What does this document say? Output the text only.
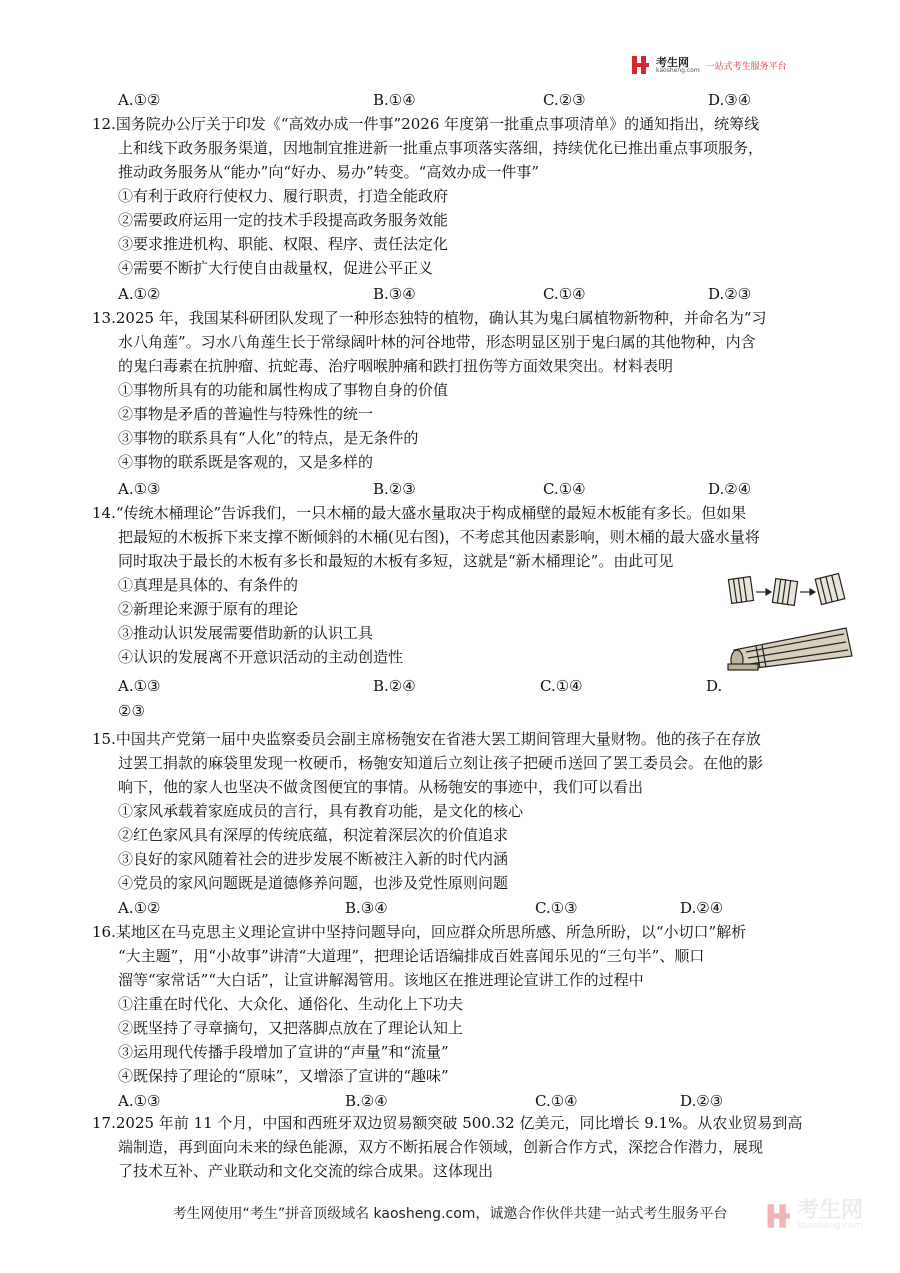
考生网
kaosheng.com 一站式考生服务平台
A.①②	B.①④	C.②③	D.③④
12.国务院办公厅关于印发《“高效办成一件事”2026 年度第一批重点事项清单》的通知指出，统筹线
上和线下政务服务渠道，因地制宜推进新一批重点事项落实落细，持续优化已推出重点事项服务，
推动政务服务从“能办”向“好办、易办”转变。“高效办成一件事”
①有利于政府行使权力、履行职责，打造全能政府
②需要政府运用一定的技术手段提高政务服务效能
③要求推进机构、职能、权限、程序、责任法定化
④需要不断扩大行使自由裁量权，促进公平正义
A.①②	B.③④	C.①④	D.②③
13.2025 年，我国某科研团队发现了一种形态独特的植物，确认其为鬼臼属植物新物种，并命名为“习
水八角莲”。习水八角莲生长于常绿阔叶林的河谷地带，形态明显区别于鬼臼属的其他物种，内含
的鬼臼毒素在抗肿瘤、抗蛇毒、治疗咽喉肿痛和跌打扭伤等方面效果突出。材料表明
①事物所具有的功能和属性构成了事物自身的价值
②事物是矛盾的普遍性与特殊性的统一
③事物的联系具有“人化”的特点，是无条件的
④事物的联系既是客观的，又是多样的
A.①③	B.②③	C.①④	D.②④
14.“传统木桶理论”告诉我们，一只木桶的最大盛水量取决于构成桶壁的最短木板能有多长。但如果
把最短的木板拆下来支撑不断倾斜的木桶(见右图)，不考虑其他因素影响，则木桶的最大盛水量将
同时取决于最长的木板有多长和最短的木板有多短，这就是“新木桶理论”。由此可见
①真理是具体的、有条件的
②新理论来源于原有的理论
③推动认识发展需要借助新的认识工具
④认识的发展离不开意识活动的主动创造性
A.①③	B.②④	C.①④	D.
②③
15.中国共产党第一届中央监察委员会副主席杨匏安在省港大罢工期间管理大量财物。他的孩子在存放
过罢工捐款的麻袋里发现一枚硬币，杨匏安知道后立刻让孩子把硬币送回了罢工委员会。在他的影
响下，他的家人也坚决不做贪图便宜的事情。从杨匏安的事迹中，我们可以看出
①家风承载着家庭成员的言行，具有教育功能，是文化的核心
②红色家风具有深厚的传统底蕴，积淀着深层次的价值追求
③良好的家风随着社会的进步发展不断被注入新的时代内涵
④党员的家风问题既是道德修养问题，也涉及党性原则问题
A.①②	B.③④	C.①③	D.②④
16.某地区在马克思主义理论宣讲中坚持问题导向，回应群众所思所感、所急所盼，以“小切口”解析
“大主题”，用“小故事”讲清“大道理”，把理论话语编排成百姓喜闻乐见的“三句半”、顺口
溜等“家常话”“大白话”，让宣讲解渴管用。该地区在推进理论宣讲工作的过程中
①注重在时代化、大众化、通俗化、生动化上下功夫
②既坚持了寻章摘句，又把落脚点放在了理论认知上
③运用现代传播手段增加了宣讲的“声量”和“流量”
④既保持了理论的“原味”，又增添了宣讲的“趣味”
A.①③	B.②④	C.①④	D.②③
17.2025 年前 11 个月，中国和西班牙双边贸易额突破 500.32 亿美元，同比增长 9.1%。从农业贸易到高
端制造，再到面向未来的绿色能源，双方不断拓展合作领域，创新合作方式，深挖合作潜力，展现
了技术互补、产业联动和文化交流的综合成果。这体现出
考生网使用“考生”拼音顶级域名 kaosheng.com，诚邀合作伙伴共建一站式考生服务平台	考生网
kaosheng.com
